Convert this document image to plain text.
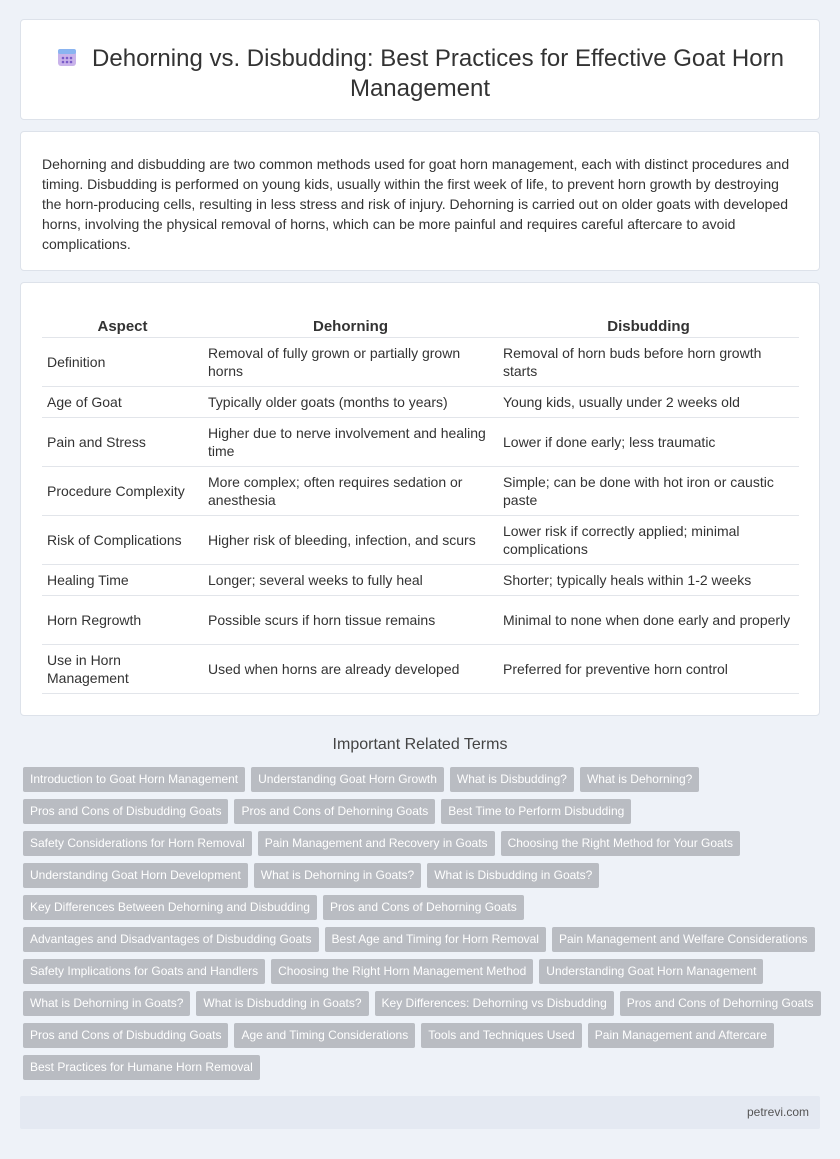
Dehorning vs. Disbudding: Best Practices for Effective Goat Horn Management

Dehorning and disbudding are two common methods used for goat horn management, each with distinct procedures and timing. Disbudding is performed on young kids, usually within the first week of life, to prevent horn growth by destroying the horn-producing cells, resulting in less stress and risk of injury. Dehorning is carried out on older goats with developed horns, involving the physical removal of horns, which can be more painful and requires careful aftercare to avoid complications.

Aspect	Dehorning	Disbudding
Definition	Removal of fully grown or partially grown horns	Removal of horn buds before horn growth starts
Age of Goat	Typically older goats (months to years)	Young kids, usually under 2 weeks old
Pain and Stress	Higher due to nerve involvement and healing time	Lower if done early; less traumatic
Procedure Complexity	More complex; often requires sedation or anesthesia	Simple; can be done with hot iron or caustic paste
Risk of Complications	Higher risk of bleeding, infection, and scurs	Lower risk if correctly applied; minimal complications
Healing Time	Longer; several weeks to fully heal	Shorter; typically heals within 1-2 weeks
Horn Regrowth	Possible scurs if horn tissue remains	Minimal to none when done early and properly
Use in Horn Management	Used when horns are already developed	Preferred for preventive horn control
Important Related Terms
Introduction to Goat Horn Management Understanding Goat Horn Growth What is Disbudding? What is Dehorning?
Pros and Cons of Disbudding Goats Pros and Cons of Dehorning Goats Best Time to Perform Disbudding
Safety Considerations for Horn Removal Pain Management and Recovery in Goats Choosing the Right Method for Your Goats
Understanding Goat Horn Development What is Dehorning in Goats? What is Disbudding in Goats?
Key Differences Between Dehorning and Disbudding Pros and Cons of Dehorning Goats
Advantages and Disadvantages of Disbudding Goats Best Age and Timing for Horn Removal Pain Management and Welfare Considerations
Safety Implications for Goats and Handlers Choosing the Right Horn Management Method Understanding Goat Horn Management
What is Dehorning in Goats? What is Disbudding in Goats? Key Differences: Dehorning vs Disbudding Pros and Cons of Dehorning Goats
Pros and Cons of Disbudding Goats Age and Timing Considerations Tools and Techniques Used Pain Management and Aftercare
Best Practices for Humane Horn Removal
petrevi.com
